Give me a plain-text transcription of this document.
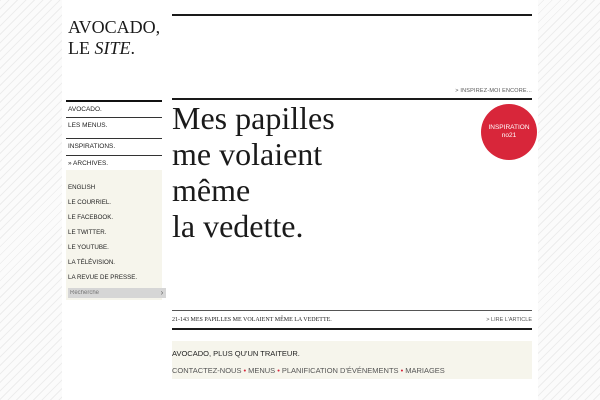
AVOCADO,
LE SITE.
> INSPIREZ-MOI ENCORE...
AVOCADO.
LES MENUS.
INSPIRATIONS.
» ARCHIVES.
ENGLISH
LE COURRIEL.
LE FACEBOOK.
LE TWITTER.
LE YOUTUBE.
LA TÉLÉVISION.
LA REVUE DE PRESSE.
Recherche
›
Mes papilles
me volaient
même
la vedette.
INSPIRATION
no21
21-143 MES PAPILLES ME VOLAIENT MÊME LA VEDETTE.	> LIRE L'ARTICLE
AVOCADO, PLUS QU'UN TRAITEUR.
CONTACTEZ-NOUS • MENUS • PLANIFICATION D'ÉVÉNEMENTS • MARIAGES
